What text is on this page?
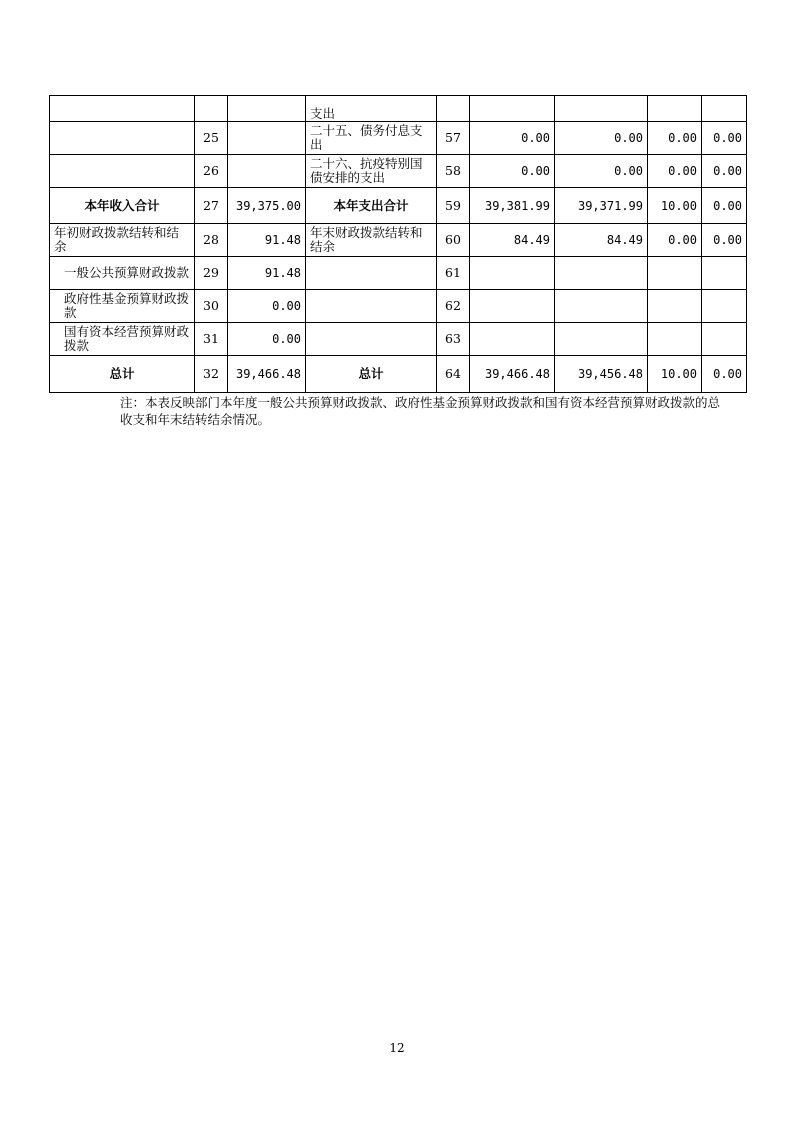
			支出					
	25		二十五、债务付息支出	57	0.00	0.00	0.00	0.00
	26		二十六、抗疫特别国债安排的支出	58	0.00	0.00	0.00	0.00
本年收入合计	27	39,375.00	本年支出合计	59	39,381.99	39,371.99	10.00	0.00
年初财政拨款结转和结余	28	91.48	年末财政拨款结转和结余	60	84.49	84.49	0.00	0.00
一般公共预算财政拨款	29	91.48		61				
政府性基金预算财政拨款	30	0.00		62				
国有资本经营预算财政拨款	31	0.00		63				
总计	32	39,466.48	总计	64	39,466.48	39,456.48	10.00	0.00
注：本表反映部门本年度一般公共预算财政拨款、政府性基金预算财政拨款和国有资本经营预算财政拨款的总收支和年末结转结余情况。
12
